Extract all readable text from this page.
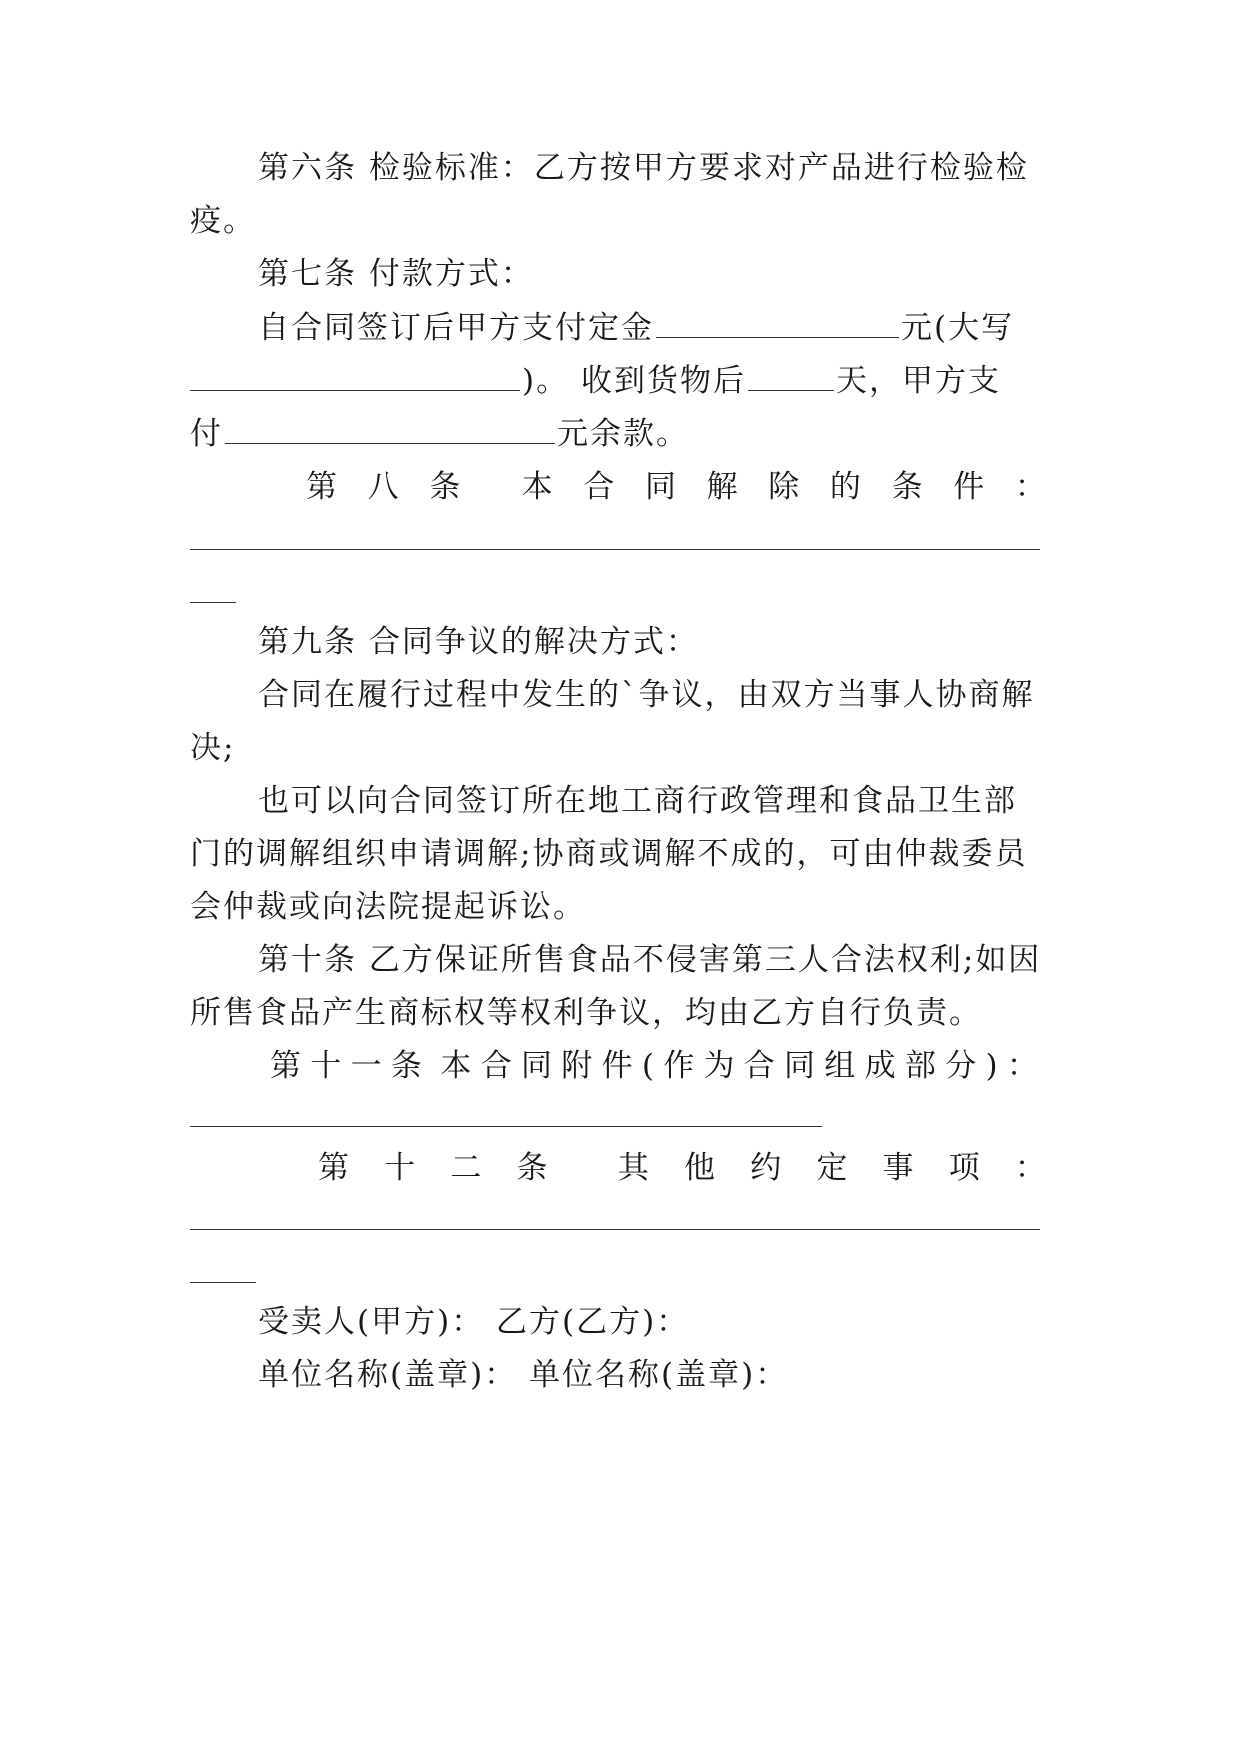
第六条 检验标准：乙方按甲方要求对产品进行检验检
疫。
第七条 付款方式：
自合同签订后甲方支付定金	元(大写
)。 收到货物后	天，甲方支
付	元余款。
第 八 条 本 合 同 解 除 的 条 件 ：
第九条 合同争议的解决方式：
合同在履行过程中发生的`争议，由双方当事人协商解
决;
也可以向合同签订所在地工商行政管理和食品卫生部
门的调解组织申请调解;协商或调解不成的，可由仲裁委员
会仲裁或向法院提起诉讼。
第十条 乙方保证所售食品不侵害第三人合法权利;如因
所售食品产生商标权等权利争议，均由乙方自行负责。
第 十 一 条 本 合 同 附 件 ( 作 为 合 同 组 成 部 分 ) ：
第 十 二 条 其 他 约 定 事 项 ：
受卖人(甲方)： 乙方(乙方)：
单位名称(盖章)： 单位名称(盖章)：
